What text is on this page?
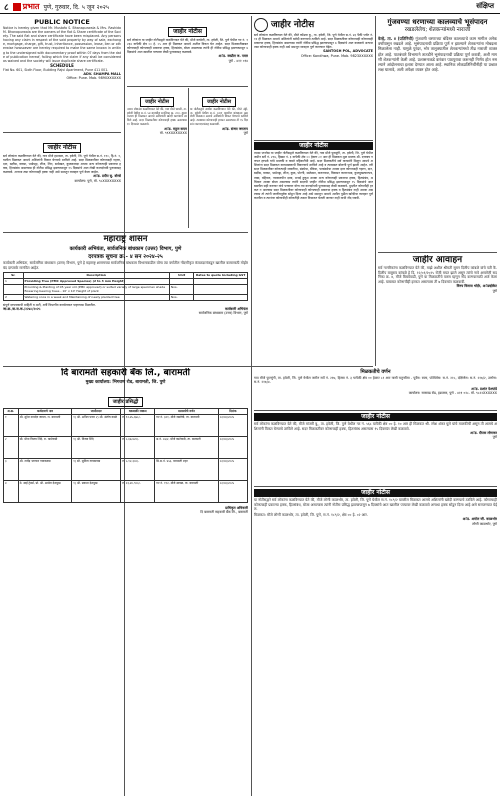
८ प्रभात पुणे, गुरुवार, दि. ५ जून २०२५	संक्षिप्त
PUBLIC NOTICE
Notice is hereby given that Mr. Mustafa S. Bhanapurwala & Mrs. Rashida M. Bhanapurwala are the owners of the flat & Share certificate of the Society. The said flat and share certificate have been misplaced. Any persons having any claim in respect of the said property by way of sale, exchange, mortgage, charge, gift, trust, inheritance, possession, lease, lien or otherwise howsoever are hereby required to make the same known in writing to the undersigned with documentary proof within 07 days from the date of publication hereof, failing which the claim if any shall be considered as waived and the society will issue duplicate share certificate.
SCHEDULE
Flat No. 601, Sixth Floor, Building Rajvi Apartment, Pune 411 001.
ADV. SHAMPA MALL
Office: Pune. Mob. 9890XXXXXX
जाहीर नोटीस
सर्व लोकांना कळविण्यात येते की, गाव मौजे हडपसर, ता. हवेली, जि. पुणे येथील स.नं. ११०, हि.नं. १, यातील मिळकत आमचे अशिलांनी विकत घेण्याचे ठरविले आहे. सदर मिळकतीवर कोणाचाही गहाण, दान, बक्षीस, वारसा, भाडेपट्टा, लीज, लिन, साठेखत, कुळकायदा अथवा अन्य कोणत्याही प्रकारचा हक्क, हितसंबंध असल्यास ही नोटीस प्रसिद्ध झाल्यापासून १५ दिवसांचे आत लेखी कागदोपत्री पुराव्यासह कळवावे. अन्यथा तसा कोणाचाही हक्क नाही असे समजून व्यवहार पूर्ण केला जाईल.
अॅड. प्रदीप सु. बोरसे
कार्यालय: पुणे, मो. ९८XXXXXXXX
महाराष्ट्र शासन
कार्यकारी अभियंता, सार्वजनिक बांधकाम (उत्तर) विभाग, पुणे
दरपत्रक सूचना क्र.- ४ सन २०२४-२५
कार्यकारी अभियंता, सार्वजनिक बांधकाम (उत्तर) विभाग, पुणे हे महाराष्ट्र शासनाच्या सार्वजनिक बांधकाम विभागाकडील योग्य त्या वर्गातील नोंदणीकृत कंत्राटदारांकडून खालील कामासाठी मोहोरबंद दरपत्रके मागवित आहेत.
Sr.	Description	Unit	Rates to quote Including GST
1	Providing Tree (PMC Approved Species) (2 to 3 mm Height)		
	Providing & Planting of 05 year old (PMC approved) or sulted variety of large specimen shade flowering bearing trees - 10' x 10' Height of plant	Nos.	
2	Watering once in a week and Maintaining of newly planted tree	Nos.	
संपूर्ण दरपत्रकाची माहिती व अटी, शर्ती विभागीय कार्यालयात पाहण्यास मिळतील.
जा.क्र./स.स.क./२२४८/२०२५	कार्यकारी अभियंता
सार्वजनिक बांधकाम (उत्तर) विभाग, पुणे
दि बारामती सहकारी बँक लि., बारामती
मुख्य कार्यालय: भिगवण रोड, बारामती, जि. पुणे
जाहीर प्रसिद्धी
अ.क्र.	कर्जदाराचे नाव	जामीनदार	थकबाकी रक्कम	मालमत्तेचे वर्णन	दिनांक
१	श्री. सुरेश नामदेव जाधव, रा. बारामती	१) श्री. अनिल पवार २) श्री. संतोष काळे	रु. १२,४५,६७८/-	गट नं. ३२१, मौजे जळोची, ता. बारामती	०२/०६/२०२५
२	सौ. मीना विजय शिंदे, रा. काटेवाडी	१) श्री. विजय शिंदे	रु. ८,६७,४२०/-	स.नं. ८७/२, मौजे काटेवाडी, ता. बारामती	०२/०६/२०२५
३	श्री. राजेंद्र भगवान गायकवाड	१) सौ. सुनिता गायकवाड	रु. ५,१२,३००/-	सि.स.नं. ४५६, बारामती शहर	०२/०६/२०२५
४	मे. साई ट्रेडर्स, प्रो. श्री. अमोल देशमुख	१) श्री. प्रकाश देशमुख	रु. २३,४०,९००/-	गट नं. ११२, मौजे सावळ, ता. बारामती	०२/०६/२०२५
प्राधिकृत अधिकारी
दि बारामती सहकारी बँक लि., बारामती
जाहीर नोटीस
सर्व लोकांना या जाहीर नोटीसद्वारे कळविण्यात येते की, मौजे वाघोली, ता. हवेली, जि. पुणे येथील गट नं. १२३४ यापैकी क्षेत्र ०० हे. ०५ आर ही मिळकत आमचे अशील विकत घेत आहेत. सदर मिळकतीबाबत कोणाचाही कोणत्याही प्रकारचा हक्क, हितसंबंध, बोजा असल्यास त्यांनी ही नोटीस प्रसिद्ध झाल्यापासून ७ दिवसांचे आत खालील पत्त्यावर लेखी पुराव्यासह कळवावे.
अॅड. स्वप्नील ज. पवार
पुणे - ४११ ०१४
जाहीर नोटीस
तमाम लोकांना कळविण्यात येते की, गाव मौजे धायरी, ता. हवेली येथील स.नं. ५४ यामधील सदनिका क्र. २०३, दुसरा मजला ही मिळकत आमचे अशिलांनी खरेदी करण्याचे ठरविले आहे. सदर मिळकतीवर कोणाचाही हक्क असल्यास १० दिवसांत कळवावे.
अॅड. राहुल कदम
मो. ९९XXXXXXXX
जाहीर नोटीस
या नोटीसद्वारे सर्वांना कळविण्यात येते की, मौजे उंड्री, ता. हवेली येथील स.नं. ३२/१ यावरील बांधकाम असलेली मिळकत आमचे अशिलांनी विकत घेण्याचे ठरविले आहे. त्याबाबत कोणाचाही हरकत असल्यास ती १५ दिवसांत कागदपत्रांसह कळवावी.
अॅड. संजय जगताप
पुणे
जाहीर नोटीस
सर्व लोकांना कळविण्यात येते की, मौजे कोंढवा बु., ता. हवेली, जि. पुणे येथील स.नं. ४६ पैकी प्लॉट नं. १२ ही मिळकत आमचे अशिलांनी खरेदी करण्याचे ठरविले आहे. सदर मिळकतीवर कोणाचाही कोणत्याही प्रकारचा हक्क, हितसंबंध असल्यास त्यांनी नोटीस प्रसिद्ध झाल्यापासून ७ दिवसांचे आत कळवावे अन्यथा तसा कोणाचाही हक्क नाही असे समजून व्यवहार पूर्ण करण्यात येईल.
SANTOSH POL, ADVOCATE
Office: Kondhwa, Pune. Mob. 9823XXXXXX
जाहीर नोटीस
तमाम जनतेस या जाहीर नोटीसद्वारे कळविण्यात येते की, गाव मौजे फुरसुंगी, ता. हवेली, जि. पुणे येथील जमीन सर्वे नं. २१७, हिस्सा नं. ३ यापैकी क्षेत्र ०० हेक्टर ८१ आर ही मिळकत मूळ मालक श्री. दत्तात्रय गणपत हरपळे यांचे मालकी व कब्जे वहिवाटीची आहे. सदर मिळकतीचे सर्व वारसांनी मिळून आमचे अशिलांना सदर मिळकत कायमस्वरूपी विकण्याचे ठरविले आहे व त्याबाबत बोलणी पूर्ण झाली आहेत. तरी सदर मिळकतीवर कोणत्याही व्यक्तीचा, संस्थेचा, बँकेचा, पतसंस्थेचा अथवा इतर कोणाचाही गहाण, दान, बक्षीस, वारसा, भाडेपट्टा, लीज, कुळ, पोटगी, साठेखत, करारनामा, विकसन करारनामा, कुलमुखत्यारपत्र, ताबा, वहिवाट, न्यायालयीन दावा, मनाई हुकूम अथवा अन्य कोणत्याही प्रकारचा हक्क, हितसंबंध, अधिकार अथवा बोजा असल्यास त्यांनी सदरची जाहीर नोटीस प्रसिद्ध झाल्यापासून १५ दिवसांचे आत खालील सही करणार यांचे पत्त्यावर योग्य त्या कागदोपत्री पुराव्यासह लेखी कळवावे. मुदतीत कोणतीही हरकत न आल्यास सदर मिळकतीवर कोणाचाही कोणत्याही प्रकारचा हक्क व हितसंबंध नाही अथवा असल्यास तो त्यांनी जाणीवपूर्वक सोडून दिला आहे असे समजून आमचे अशील पुढील खरेदीचा व्यवहार पूर्ण करतील व त्यानंतर कोणाचीही कोणतीही तक्रार विचारात घेतली जाणार नाही याची नोंद घ्यावी.
मिळकतीचे वर्णन
गाव मौजे फुरसुंगी, ता. हवेली, जि. पुणे येथील जमीन सर्वे नं. २१७, हिस्सा नं. ३ यापैकी क्षेत्र ०० हेक्टर ८१ आर यासी चतुःसीमा - पूर्वेस: रस्ता, पश्चिमेस: स.नं. २१८, दक्षिणेस: स.नं. २१७/२, उत्तरेस: स.नं. २१७/४.
अॅड. प्रशांत देशपांडे
कार्यालय: सासवड रोड, हडपसर, पुणे - ४११ ०२८. मो. ९८२२XXXXXX
जाहीर नोटीस
सर्व लोकांना कळविण्यात येते की, मौजे मांजरी बु., ता. हवेली, जि. पुणे येथील गट नं. ५६८ यापैकी क्षेत्र ०० हे. १० आर ही मिळकत श्री. रमेश शंकर घुले यांचे मालकीची असून ती आमचे अशिलांनी विकत घेण्याचे ठरविले आहे. सदर मिळकतीवर कोणाचाही हक्क, हितसंबंध असल्यास १५ दिवसांत लेखी कळवावे.
अॅड. दीपक लोणकर
पुणे
जाहीर नोटीस
या नोटीसद्वारे सर्व लोकांना कळविण्यात येते की, मौजे लोणी काळभोर, ता. हवेली, जि. पुणे येथील स.नं. १८९/२ यावरील मिळकत आमचे अशिलांनी खरेदी करण्याचे ठरविले आहे. कोणाचाही कोणत्याही प्रकारचा हक्क, हितसंबंध, बोजा असल्यास त्यांनी नोटीस प्रसिद्ध झाल्यापासून ७ दिवसांचे आत खालील पत्त्यावर लेखी कळवावे अन्यथा हक्क सोडून दिला आहे असे समजण्यात येईल.
मिळकत: मौजे लोणी काळभोर, ता. हवेली, जि. पुणे, स.नं. १८९/२, क्षेत्र ०० हे. ०२ आर.
अॅड. अमोल जी. काळभोर
लोणी काळभोर, पुणे
गुंजवण्या धरणाच्या कालव्याचे भूसंपादन
रखडलेलेच; शेतकऱ्यांमध्ये नाराजी
वेल्हे, ता. ४ (प्रतिनिधी) गुंजवणी धरणाच्या बंदिस्त कालव्याचे काम मागील अनेक वर्षांपासून रखडले आहे. भूसंपादनाची प्रक्रिया पूर्ण न झाल्याने शेतकऱ्यांना मोबदला मिळालेला नाही. यामुळे पुरंदर, भोर तालुक्यातील शेतकऱ्यांमध्ये तीव्र नाराजी व्यक्त होत आहे. पाटबंधारे विभागाने तातडीने भूसंपादनाची प्रक्रिया पूर्ण करावी, अशी मागणी शेतकऱ्यांनी केली आहे. प्रशासनाकडे वारंवार पाठपुरावा करूनही निर्णय होत नसल्याने आंदोलनाचा इशारा देण्यात आला आहे. स्थानिक लोकप्रतिनिधींनीही या प्रश्नात लक्ष घालावे, अशी अपेक्षा व्यक्त होत आहे.
जाहीर आवाहन
सर्व नागरिकांना कळविण्यात येते की, माझे अशील श्रीमती सुमन दिलीप कांबळे यांचे पती कै. दिलीप बाबुराव कांबळे हे दि. १२/०१/२०२५ रोजी मयत झाले असून त्यांचे नावे असलेली सदनिका क्र. ४, मौजे बिबवेवाडी, पुणे या मिळकतीचे वारस म्हणून नोंद करण्यासाठी अर्ज केला आहे. याबाबत कोणाचीही हरकत असल्यास ती ७ दिवसांत कळवावी.
विनय विलास भोईर, अॅडव्होकेट
पुणे
